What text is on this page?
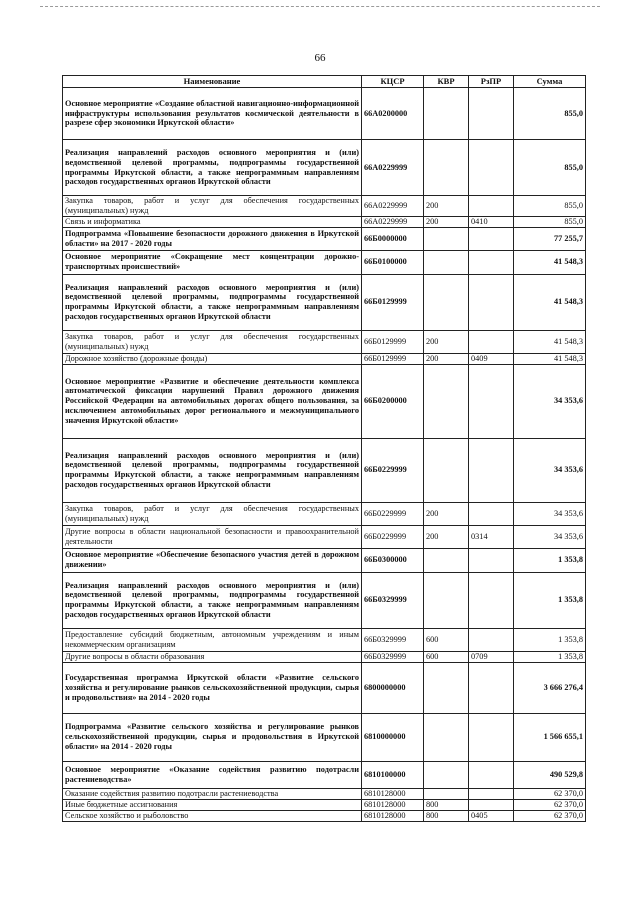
66
Наименование	КЦСР	КВР	РзПР	Сумма
Основное мероприятие «Создание областной навигационно-информационной инфраструктуры использования результатов космической деятельности в разрезе сфер экономики Иркутской области»	66А0200000			855,0
Реализация направлений расходов основного мероприятия и (или) ведомственной целевой программы, подпрограммы государственной программы Иркутской области, а также непрограммным направлениям расходов государственных органов Иркутской области	66А0229999			855,0
Закупка товаров, работ и услуг для обеспечения государственных (муниципальных) нужд	66А0229999	200		855,0
Связь и информатика	66А0229999	200	0410	855,0
Подпрограмма «Повышение безопасности дорожного движения в Иркутской области» на 2017 - 2020 годы	66Б0000000			77 255,7
Основное мероприятие «Сокращение мест концентрации дорожно-транспортных происшествий»	66Б0100000			41 548,3
Реализация направлений расходов основного мероприятия и (или) ведомственной целевой программы, подпрограммы государственной программы Иркутской области, а также непрограммным направлениям расходов государственных органов Иркутской области	66Б0129999			41 548,3
Закупка товаров, работ и услуг для обеспечения государственных (муниципальных) нужд	66Б0129999	200		41 548,3
Дорожное хозяйство (дорожные фонды)	66Б0129999	200	0409	41 548,3
Основное мероприятие «Развитие и обеспечение деятельности комплекса автоматической фиксации нарушений Правил дорожного движения Российской Федерации на автомобильных дорогах общего пользования, за исключением автомобильных дорог регионального и межмуниципального значения Иркутской области»	66Б0200000			34 353,6
Реализация направлений расходов основного мероприятия и (или) ведомственной целевой программы, подпрограммы государственной программы Иркутской области, а также непрограммным направлениям расходов государственных органов Иркутской области	66Б0229999			34 353,6
Закупка товаров, работ и услуг для обеспечения государственных (муниципальных) нужд	66Б0229999	200		34 353,6
Другие вопросы в области национальной безопасности и правоохранительной деятельности	66Б0229999	200	0314	34 353,6
Основное мероприятие «Обеспечение безопасного участия детей в дорожном движении»	66Б0300000			1 353,8
Реализация направлений расходов основного мероприятия и (или) ведомственной целевой программы, подпрограммы государственной программы Иркутской области, а также непрограммным направлениям расходов государственных органов Иркутской области	66Б0329999			1 353,8
Предоставление субсидий бюджетным, автономным учреждениям и иным некоммерческим организациям	66Б0329999	600		1 353,8
Другие вопросы в области образования	66Б0329999	600	0709	1 353,8
Государственная программа Иркутской области «Развитие сельского хозяйства и регулирование рынков сельскохозяйственной продукции, сырья и продовольствия» на 2014 - 2020 годы	6800000000			3 666 276,4
Подпрограмма «Развитие сельского хозяйства и регулирование рынков сельскохозяйственной продукции, сырья и продовольствия в Иркутской области» на 2014 - 2020 годы	6810000000			1 566 655,1
Основное мероприятие «Оказание содействия развитию подотрасли растениеводства»	6810100000			490 529,8
Оказание содействия развитию подотрасли растениеводства	6810128000			62 370,0
Иные бюджетные ассигнования	6810128000	800		62 370,0
Сельское хозяйство и рыболовство	6810128000	800	0405	62 370,0
